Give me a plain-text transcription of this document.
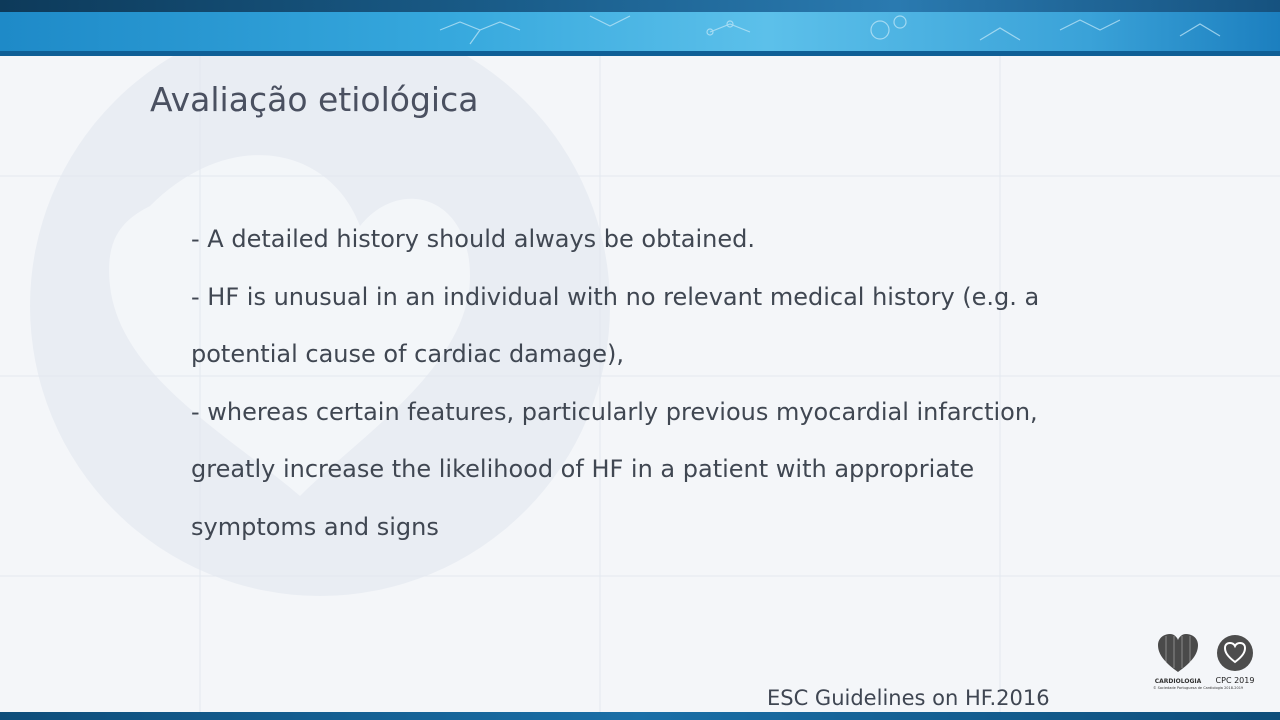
Avaliação etiológica

- A detailed history should always be obtained.

- HF is unusual in an individual with no relevant medical history (e.g. a

potential cause of cardiac damage),

- whereas certain features, particularly previous myocardial infarction,

greatly increase the likelihood of HF in a patient with appropriate

symptoms and signs

ESC Guidelines on HF.2016

CARDIOLOGIA	CPC 2019
© Sociedade Portuguesa de Cardiologia 2018-2019
